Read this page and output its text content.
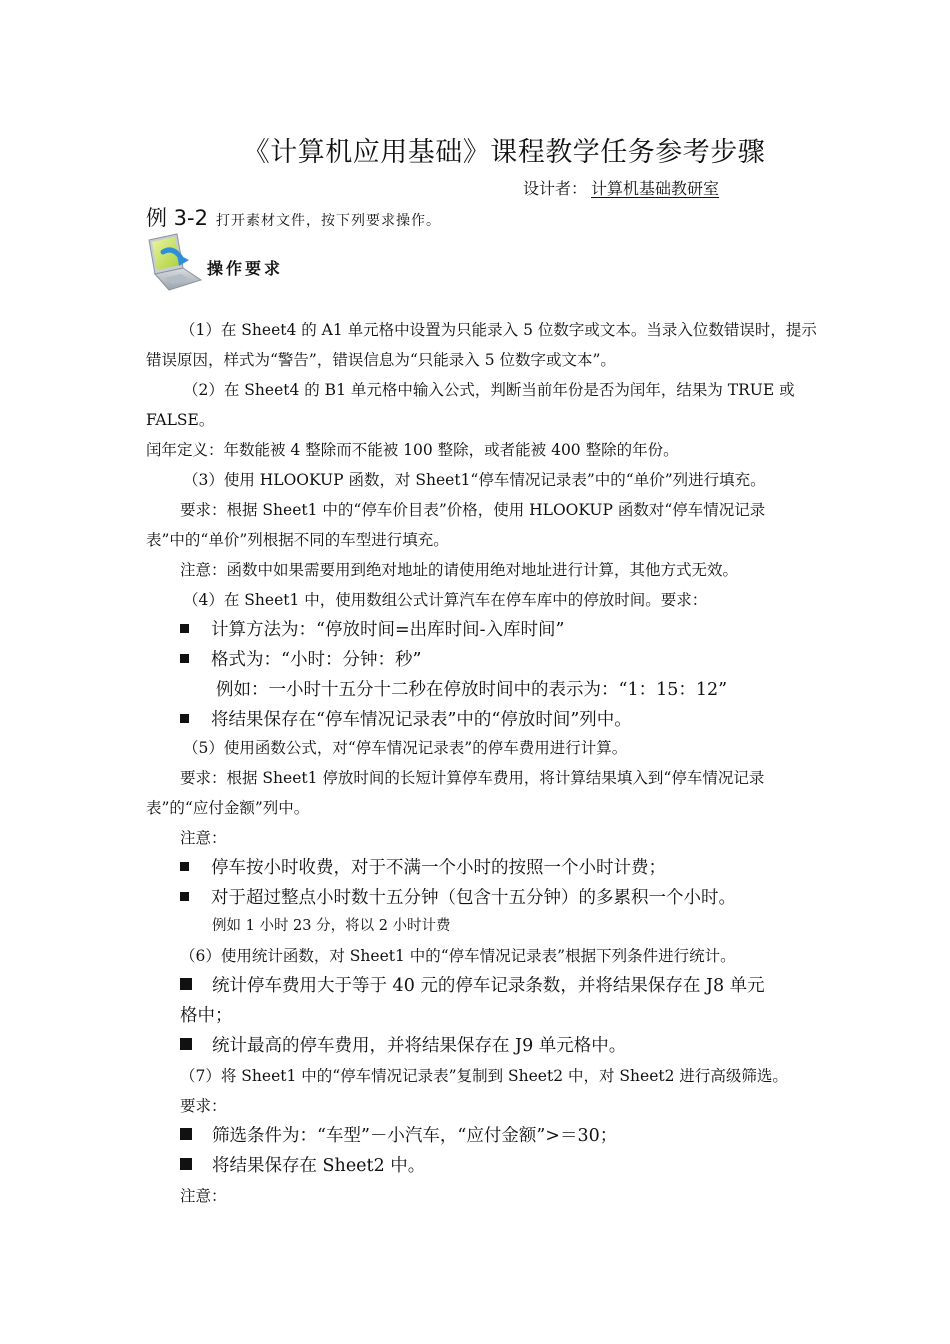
《计算机应用基础》课程教学任务参考步骤
设计者： 计算机基础教研室
例 3-2 打开素材文件，按下列要求操作。
操作要求
（1）在 Sheet4 的 A1 单元格中设置为只能录入 5 位数字或文本。当录入位数错误时，提示
错误原因，样式为“警告”，错误信息为“只能录入 5 位数字或文本”。
（2）在 Sheet4 的 B1 单元格中输入公式，判断当前年份是否为闰年，结果为 TRUE 或
FALSE。
闰年定义：年数能被 4 整除而不能被 100 整除，或者能被 400 整除的年份。
（3）使用 HLOOKUP 函数，对 Sheet1“停车情况记录表”中的“单价”列进行填充。
要求：根据 Sheet1 中的“停车价目表”价格，使用 HLOOKUP 函数对“停车情况记录
表”中的“单价”列根据不同的车型进行填充。
注意：函数中如果需要用到绝对地址的请使用绝对地址进行计算，其他方式无效。
（4）在 Sheet1 中，使用数组公式计算汽车在停车库中的停放时间。要求：
计算方法为：“停放时间=出库时间-入库时间”
格式为：“小时：分钟：秒”
例如：一小时十五分十二秒在停放时间中的表示为：“1：15：12”
将结果保存在“停车情况记录表”中的“停放时间”列中。
（5）使用函数公式，对“停车情况记录表”的停车费用进行计算。
要求：根据 Sheet1 停放时间的长短计算停车费用，将计算结果填入到“停车情况记录
表”的“应付金额”列中。
注意：
停车按小时收费，对于不满一个小时的按照一个小时计费；
对于超过整点小时数十五分钟（包含十五分钟）的多累积一个小时。
例如 1 小时 23 分，将以 2 小时计费
（6）使用统计函数，对 Sheet1 中的“停车情况记录表”根据下列条件进行统计。
统计停车费用大于等于 40 元的停车记录条数，并将结果保存在 J8 单元
格中；
统计最高的停车费用，并将结果保存在 J9 单元格中。
（7）将 Sheet1 中的“停车情况记录表”复制到 Sheet2 中，对 Sheet2 进行高级筛选。
要求：
筛选条件为：“车型”－小汽车，“应付金额”>＝30；
将结果保存在 Sheet2 中。
注意：
